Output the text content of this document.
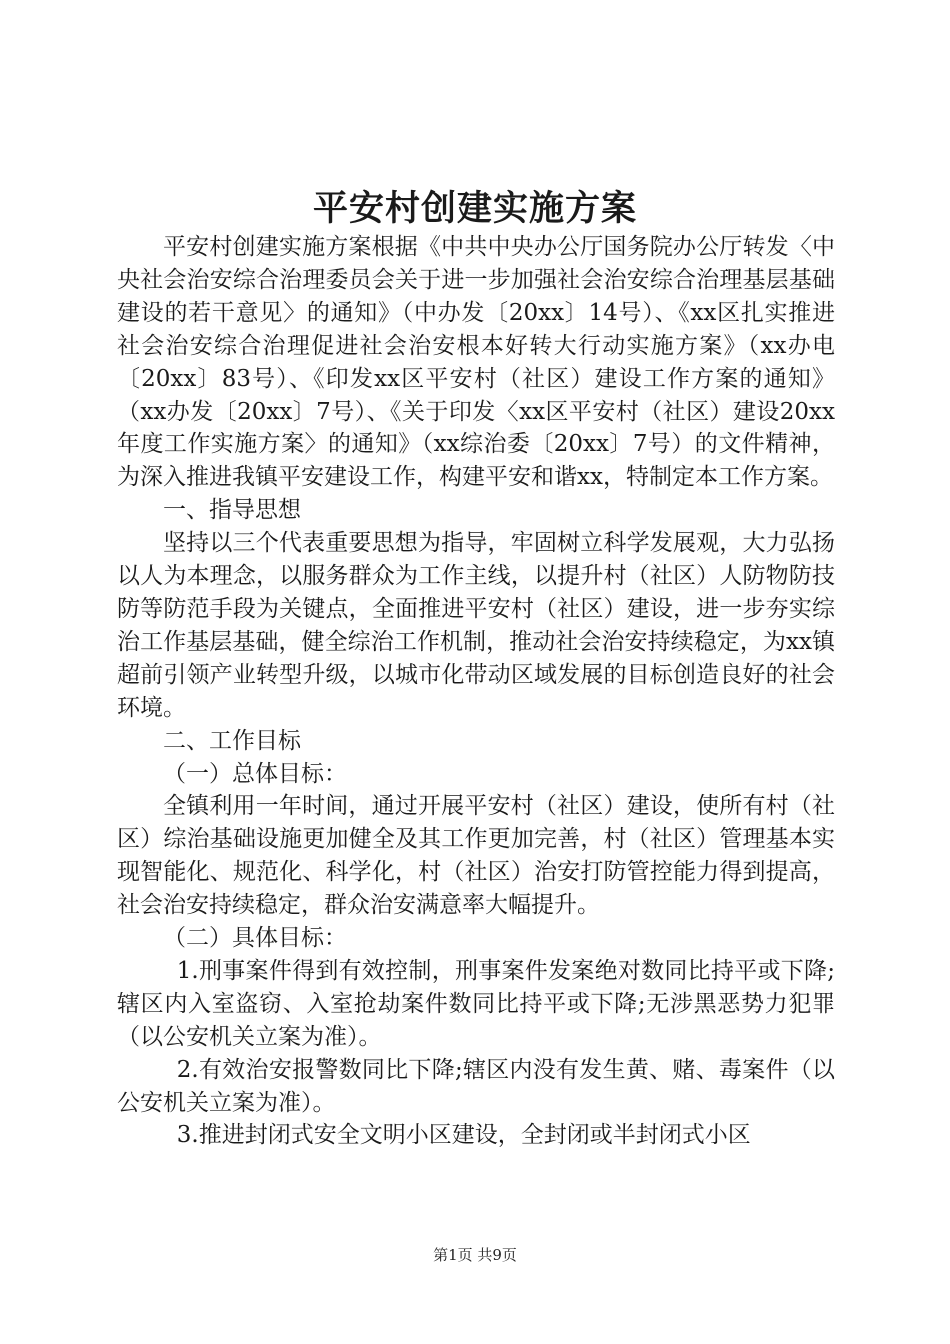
平安村创建实施方案

平安村创建实施方案根据《中共中央办公厅国务院办公厅转发〈中央社会治安综合治理委员会关于进一步加强社会治安综合治理基层基础建设的若干意见〉的通知》（中办发〔20xx〕14号）、《xx区扎实推进社会治安综合治理促进社会治安根本好转大行动实施方案》（xx办电〔20xx〕83号）、《印发xx区平安村（社区）建设工作方案的通知》（xx办发〔20xx〕7号）、《关于印发〈xx区平安村（社区）建设20xx年度工作实施方案〉的通知》（xx综治委〔20xx〕7号）的文件精神，为深入推进我镇平安建设工作，构建平安和谐xx，特制定本工作方案。

一、指导思想

坚持以三个代表重要思想为指导，牢固树立科学发展观，大力弘扬以人为本理念，以服务群众为工作主线，以提升村（社区）人防物防技防等防范手段为关键点，全面推进平安村（社区）建设，进一步夯实综治工作基层基础，健全综治工作机制，推动社会治安持续稳定，为xx镇超前引领产业转型升级，以城市化带动区域发展的目标创造良好的社会环境。

二、工作目标

（一）总体目标：

全镇利用一年时间，通过开展平安村（社区）建设，使所有村（社区）综治基础设施更加健全及其工作更加完善，村（社区）管理基本实现智能化、规范化、科学化，村（社区）治安打防管控能力得到提高，社会治安持续稳定，群众治安满意率大幅提升。

（二）具体目标：

1.刑事案件得到有效控制，刑事案件发案绝对数同比持平或下降;辖区内入室盗窃、入室抢劫案件数同比持平或下降;无涉黑恶势力犯罪（以公安机关立案为准）。

2.有效治安报警数同比下降;辖区内没有发生黄、赌、毒案件（以公安机关立案为准）。

3.推进封闭式安全文明小区建设，全封闭或半封闭式小区

第1页 共9页
